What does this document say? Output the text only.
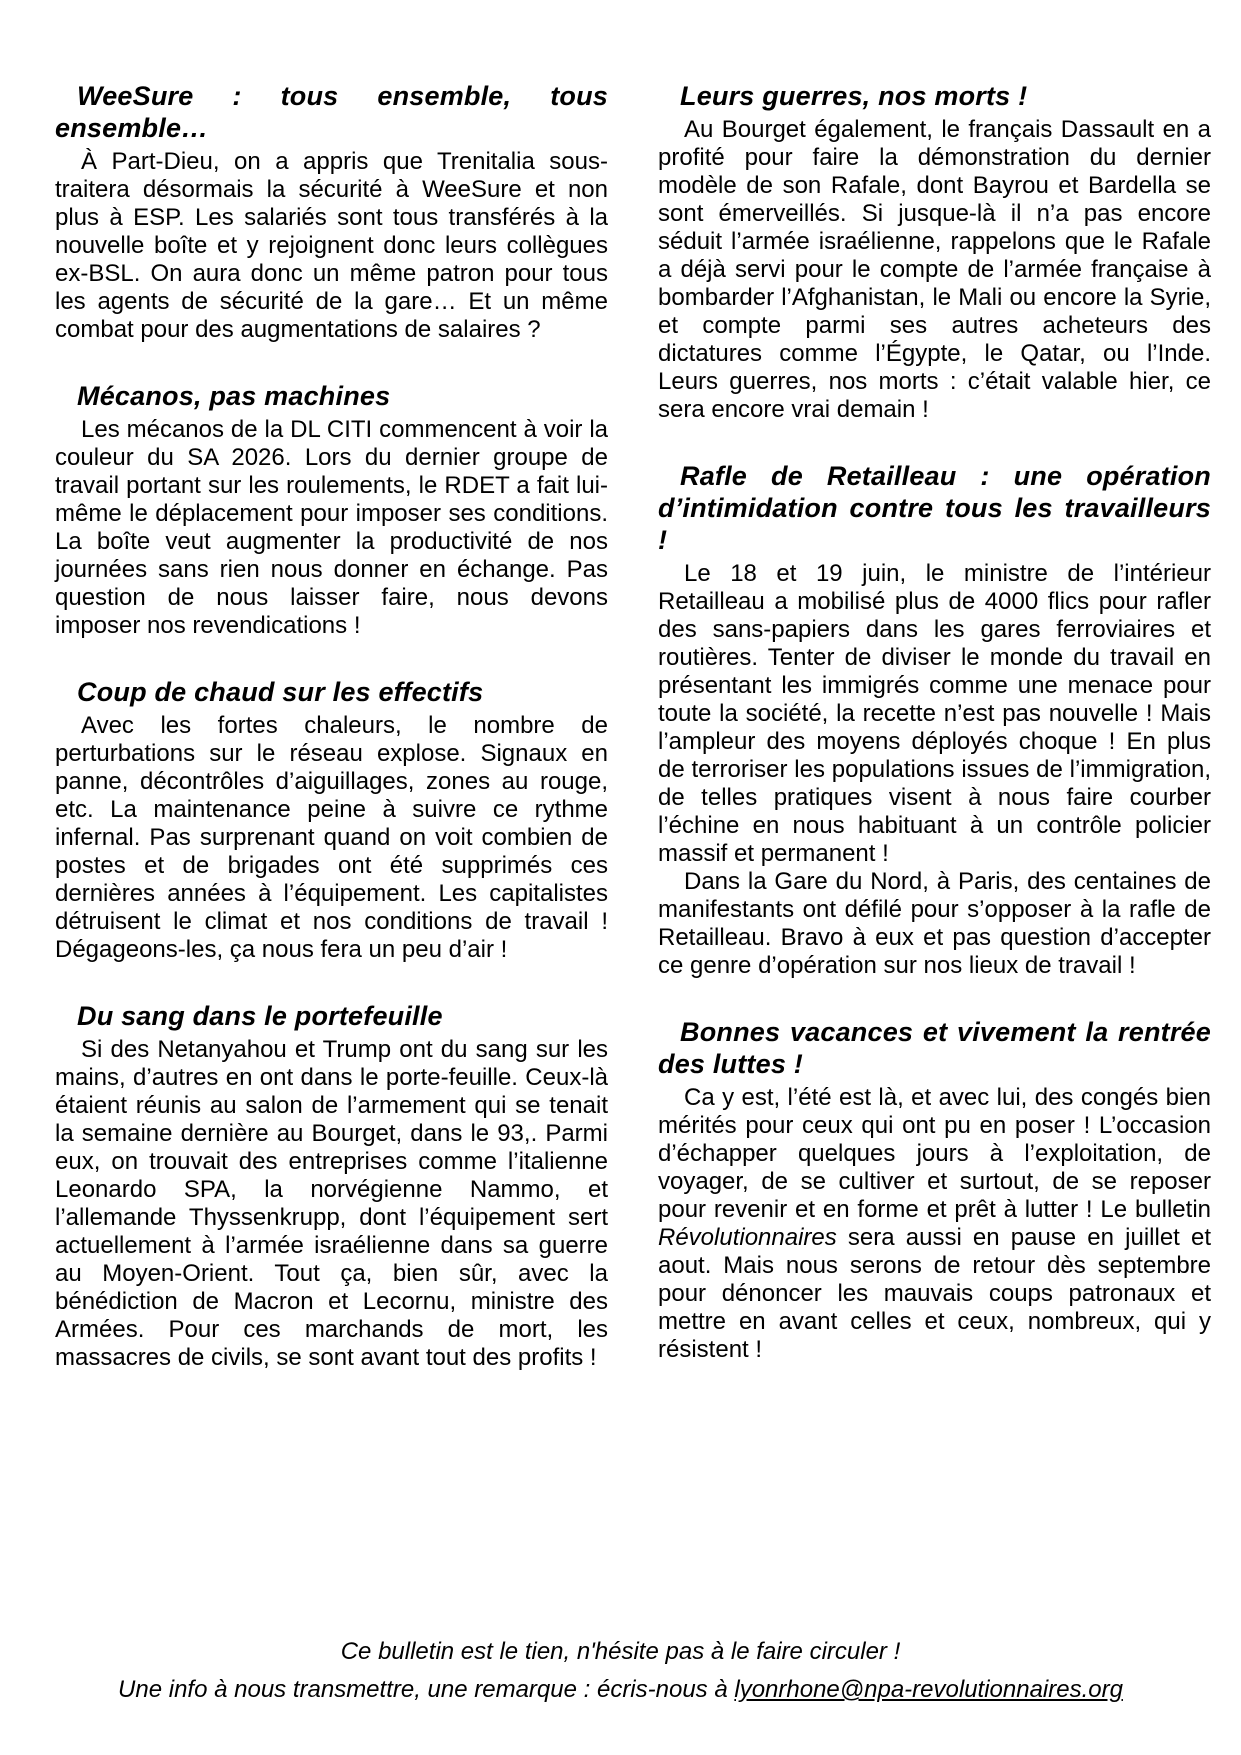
WeeSure : tous ensemble, tous ensemble…

À Part-Dieu, on a appris que Trenitalia sous-traitera désormais la sécurité à WeeSure et non plus à ESP. Les salariés sont tous transférés à la nouvelle boîte et y rejoignent donc leurs collègues ex-BSL. On aura donc un même patron pour tous les agents de sécurité de la gare… Et un même combat pour des augmentations de salaires ?

Mécanos, pas machines

Les mécanos de la DL CITI commencent à voir la couleur du SA 2026. Lors du dernier groupe de travail portant sur les roulements, le RDET a fait lui-même le déplacement pour imposer ses conditions. La boîte veut augmenter la productivité de nos journées sans rien nous donner en échange. Pas question de nous laisser faire, nous devons imposer nos revendications !

Coup de chaud sur les effectifs

Avec les fortes chaleurs, le nombre de perturbations sur le réseau explose. Signaux en panne, décontrôles d’aiguillages, zones au rouge, etc. La maintenance peine à suivre ce rythme infernal. Pas surprenant quand on voit combien de postes et de brigades ont été supprimés ces dernières années à l’équipement. Les capitalistes détruisent le climat et nos conditions de travail ! Dégageons-les, ça nous fera un peu d’air !

Du sang dans le portefeuille

Si des Netanyahou et Trump ont du sang sur les mains, d’autres en ont dans le porte-feuille. Ceux-là étaient réunis au salon de l’armement qui se tenait la semaine dernière au Bourget, dans le 93,. Parmi eux, on trouvait des entreprises comme l’italienne Leonardo SPA, la norvégienne Nammo, et l’allemande Thyssenkrupp, dont l’équipement sert actuellement à l’armée israélienne dans sa guerre au Moyen-Orient. Tout ça, bien sûr, avec la bénédiction de Macron et Lecornu, ministre des Armées. Pour ces marchands de mort, les massacres de civils, se sont avant tout des profits !

Leurs guerres, nos morts !

Au Bourget également, le français Dassault en a profité pour faire la démonstration du dernier modèle de son Rafale, dont Bayrou et Bardella se sont émerveillés. Si jusque-là il n’a pas encore séduit l’armée israélienne, rappelons que le Rafale a déjà servi pour le compte de l’armée française à bombarder l’Afghanistan, le Mali ou encore la Syrie, et compte parmi ses autres acheteurs des dictatures comme l’Égypte, le Qatar, ou l’Inde. Leurs guerres, nos morts : c’était valable hier, ce sera encore vrai demain !

Rafle de Retailleau : une opération d’intimidation contre tous les travailleurs !

Le 18 et 19 juin, le ministre de l’intérieur Retailleau a mobilisé plus de 4000 flics pour rafler des sans-papiers dans les gares ferroviaires et routières. Tenter de diviser le monde du travail en présentant les immigrés comme une menace pour toute la société, la recette n’est pas nouvelle ! Mais l’ampleur des moyens déployés choque ! En plus de terroriser les populations issues de l’immigration, de telles pratiques visent à nous faire courber l’échine en nous habituant à un contrôle policier massif et permanent !

Dans la Gare du Nord, à Paris, des centaines de manifestants ont défilé pour s’opposer à la rafle de Retailleau. Bravo à eux et pas question d’accepter ce genre d’opération sur nos lieux de travail !

Bonnes vacances et vivement la rentrée des luttes !

Ca y est, l’été est là, et avec lui, des congés bien mérités pour ceux qui ont pu en poser ! L’occasion d’échapper quelques jours à l’exploitation, de voyager, de se cultiver et surtout, de se reposer pour revenir et en forme et prêt à lutter ! Le bulletin Révolutionnaires sera aussi en pause en juillet et aout. Mais nous serons de retour dès septembre pour dénoncer les mauvais coups patronaux et mettre en avant celles et ceux, nombreux, qui y résistent !

Ce bulletin est le tien, n'hésite pas à le faire circuler !
Une info à nous transmettre, une remarque : écris-nous à lyonrhone@npa-revolutionnaires.org
